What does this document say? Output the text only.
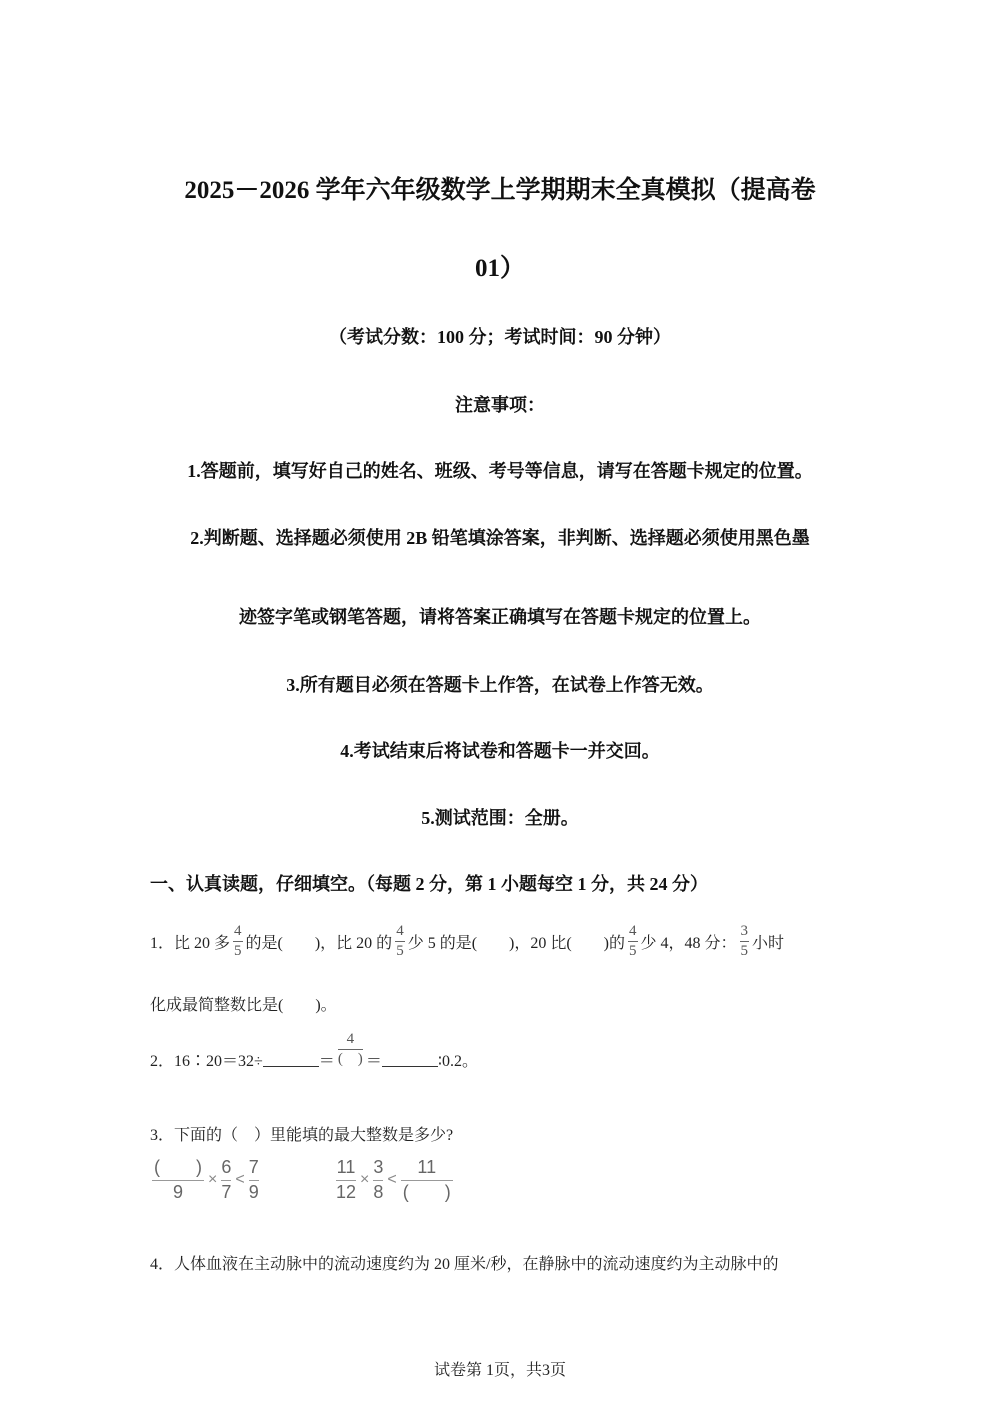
2025－2026 学年六年级数学上学期期末全真模拟（提高卷
01）
（考试分数：100 分；考试时间：90 分钟）
注意事项：
1.答题前，填写好自己的姓名、班级、考号等信息，请写在答题卡规定的位置。
2.判断题、选择题必须使用 2B 铅笔填涂答案，非判断、选择题必须使用黑色墨
迹签字笔或钢笔答题，请将答案正确填写在答题卡规定的位置上。
3.所有题目必须在答题卡上作答，在试卷上作答无效。
4.考试结束后将试卷和答题卡一并交回。
5.测试范围：全册。
一、认真读题，仔细填空。（每题 2 分，第 1 小题每空 1 分，共 24 分）
1．比 20 多 $\frac{4}{5}$ 的是(　　)，比 20 的 $\frac{4}{5}$ 少 5 的是(　　)，20 比(　　)的 $\frac{4}{5}$ 少 4，48 分： $\frac{3}{5}$ 小时
化成最简整数比是(　　)。
2．16∶20＝32÷	＝ $\frac{4}{( )}$ ＝	∶0.2。
3．下面的（　）里能填的最大整数是多少?
(　　)
9
× $\frac{6}{7}$ <
7
9	$\frac{11}{12} \times \frac{3}{8}$ <
11
(　　)
4．人体血液在主动脉中的流动速度约为 20 厘米/秒，在静脉中的流动速度约为主动脉中的
试卷第 1页，共3页
